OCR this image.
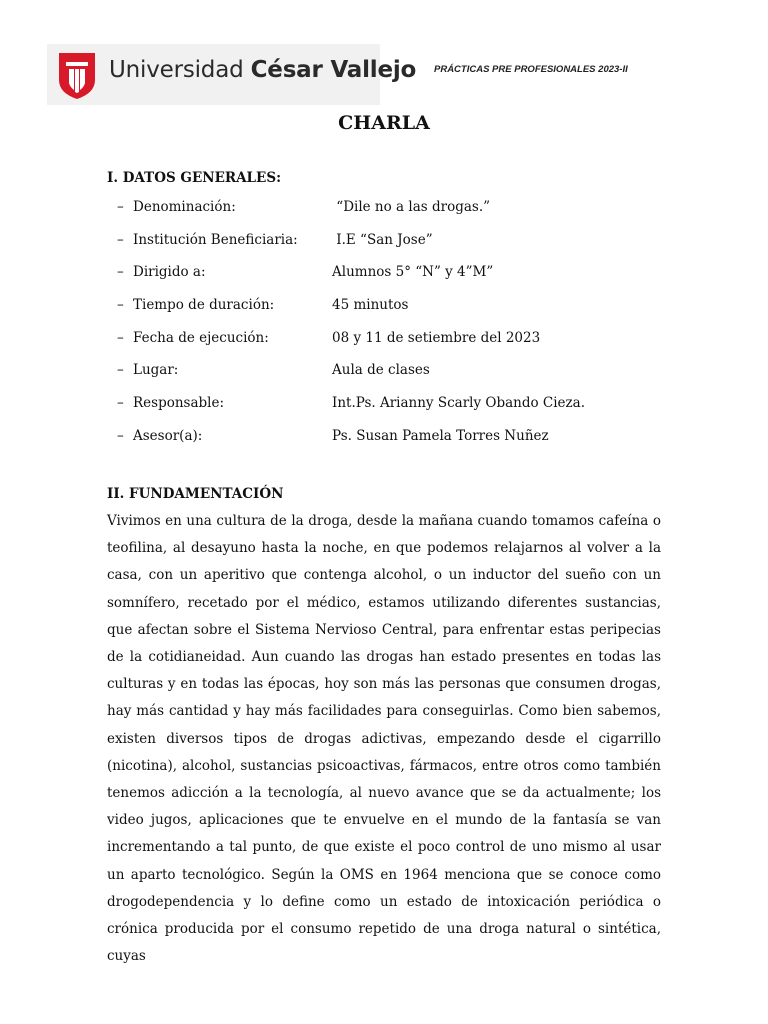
Universidad César Vallejo PRÁCTICAS PRE PROFESIONALES 2023-II
CHARLA
I. DATOS GENERALES:
– Denominación:	“Dile no a las drogas.”
– Institución Beneficiaria:	I.E “San Jose”
– Dirigido a:	Alumnos 5° “N” y 4”M”
– Tiempo de duración:	45 minutos
– Fecha de ejecución:	08 y 11 de setiembre del 2023
– Lugar:	Aula de clases
– Responsable:	Int.Ps. Arianny Scarly Obando Cieza.
– Asesor(a):	Ps. Susan Pamela Torres Nuñez
II. FUNDAMENTACIÓN

Vivimos en una cultura de la droga, desde la mañana cuando tomamos cafeína o teofilina, al desayuno hasta la noche, en que podemos relajarnos al volver a la casa, con un aperitivo que contenga alcohol, o un inductor del sueño con un somnífero, recetado por el médico, estamos utilizando diferentes sustancias, que afectan sobre el Sistema Nervioso Central, para enfrentar estas peripecias de la cotidianeidad. Aun cuando las drogas han estado presentes en todas las culturas y en todas las épocas, hoy son más las personas que consumen drogas, hay más cantidad y hay más facilidades para conseguirlas. Como bien sabemos, existen diversos tipos de drogas adictivas, empezando desde el cigarrillo (nicotina), alcohol, sustancias psicoactivas, fármacos, entre otros como también tenemos adicción a la tecnología, al nuevo avance que se da actualmente; los video jugos, aplicaciones que te envuelve en el mundo de la fantasía se van incrementando a tal punto, de que existe el poco control de uno mismo al usar un aparto tecnológico. Según la OMS en 1964 menciona que se conoce como drogodependencia y lo define como un estado de intoxicación periódica o crónica producida por el consumo repetido de una droga natural o sintética, cuyas
